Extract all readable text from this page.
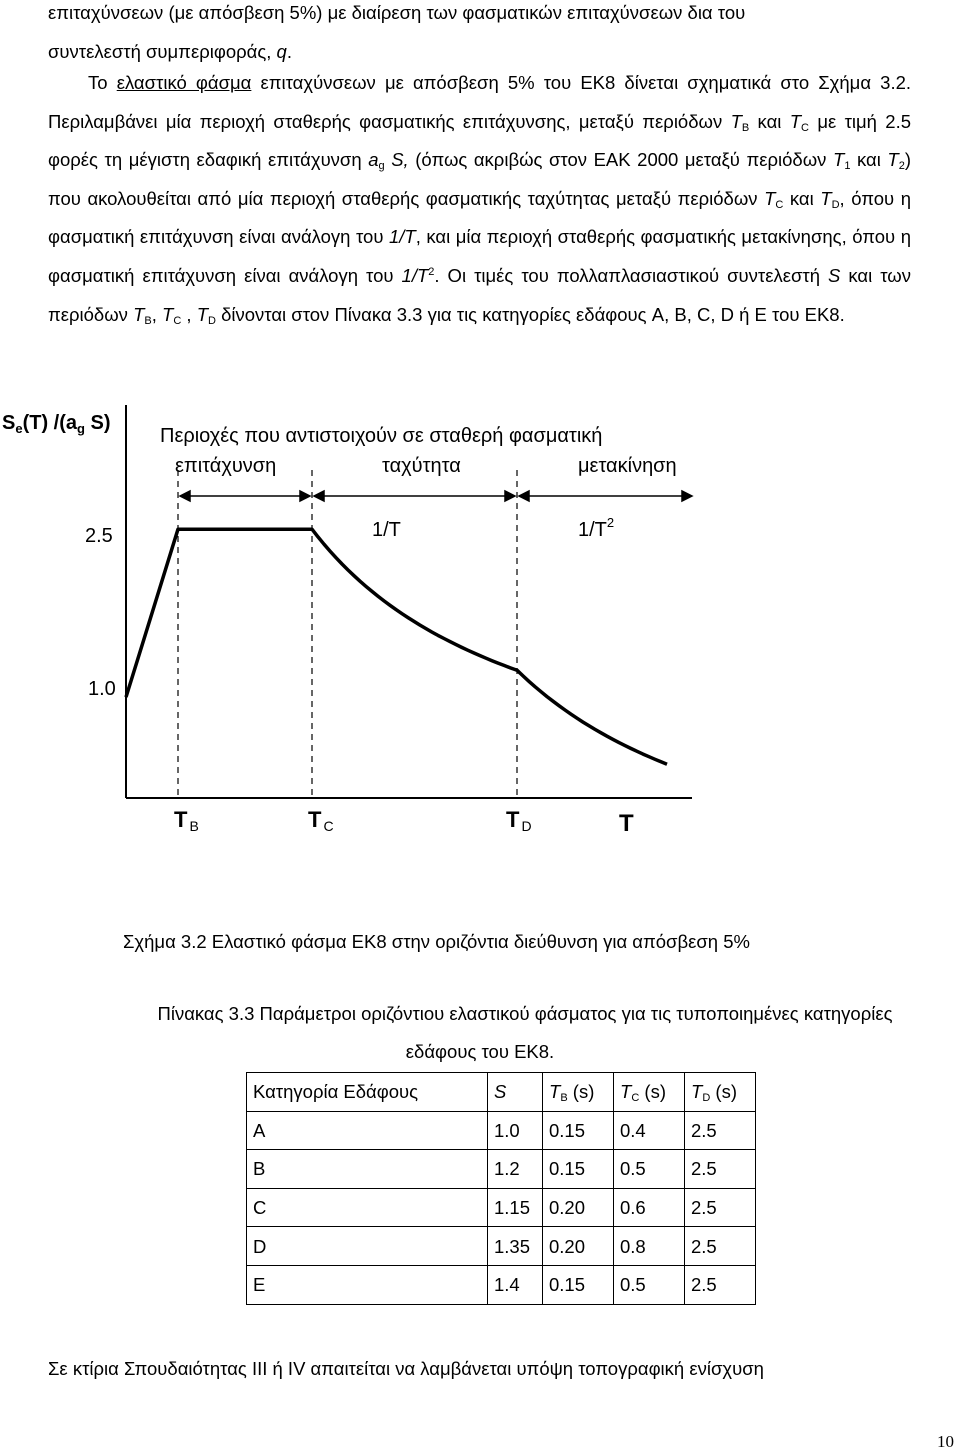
επιταχύνσεων (με απόσβεση 5%) με διαίρεση των φασματικών επιταχύνσεων δια του
συντελεστή συμπεριφοράς, q.

Το ελαστικό φάσμα επιταχύνσεων με απόσβεση 5% του ΕΚ8 δίνεται σχηματικά στο Σχήμα 3.2. Περιλαμβάνει μία περιοχή σταθερής φασματικής επιτάχυνσης, μεταξύ περιόδων $T_B$ και $T_C$ με τιμή 2.5 φορές τη μέγιστη εδαφική επιτάχυνση $a_g$ S, (όπως ακριβώς στον ΕΑΚ 2000 μεταξύ περιόδων $T_1$ και $T_2$) που ακολουθείται από μία περιοχή σταθερής φασματικής ταχύτητας μεταξύ περιόδων $T_C$ και $T_D$, όπου η φασματική επιτάχυνση είναι ανάλογη του 1/T, και μία περιοχή σταθερής φασματικής μετακίνησης, όπου η φασματική επιτάχυνση είναι ανάλογη του $1/T^2$. Οι τιμές του πολλαπλασιαστικού συντελεστή S και των περιόδων $T_B$, $T_C$ , $T_D$ δίνονται στον Πίνακα 3.3 για τις κατηγορίες εδάφους A, B, C, D ή E του ΕΚ8.

$S_e(T)$ $/(a_g$ S)
Περιοχές που αντιστοιχούν σε σταθερή φασματική
επιτάχυνση	ταχύτητα	μετακίνηση
2.5
1.0
1/T	$1/T^2$
T B	T C	T D	T

Σχήμα 3.2 Ελαστικό φάσμα ΕΚ8 στην οριζόντια διεύθυνση για απόσβεση 5%

Πίνακας 3.3 Παράμετροι οριζόντιου ελαστικού φάσματος για τις τυποποιημένες κατηγορίες

εδάφους του ΕΚ8.

Κατηγορία Εδάφους	S	$T_B$ (s)	$T_C$ (s)	$T_D$ (s)
A	1.0	0.15	0.4	2.5
B	1.2	0.15	0.5	2.5
C	1.15	0.20	0.6	2.5
D	1.35	0.20	0.8	2.5
E	1.4	0.15	0.5	2.5

Σε κτίρια Σπουδαιότητας ΙΙΙ ή ΙV απαιτείται να λαμβάνεται υπόψη τοπογραφική ενίσχυση

10
